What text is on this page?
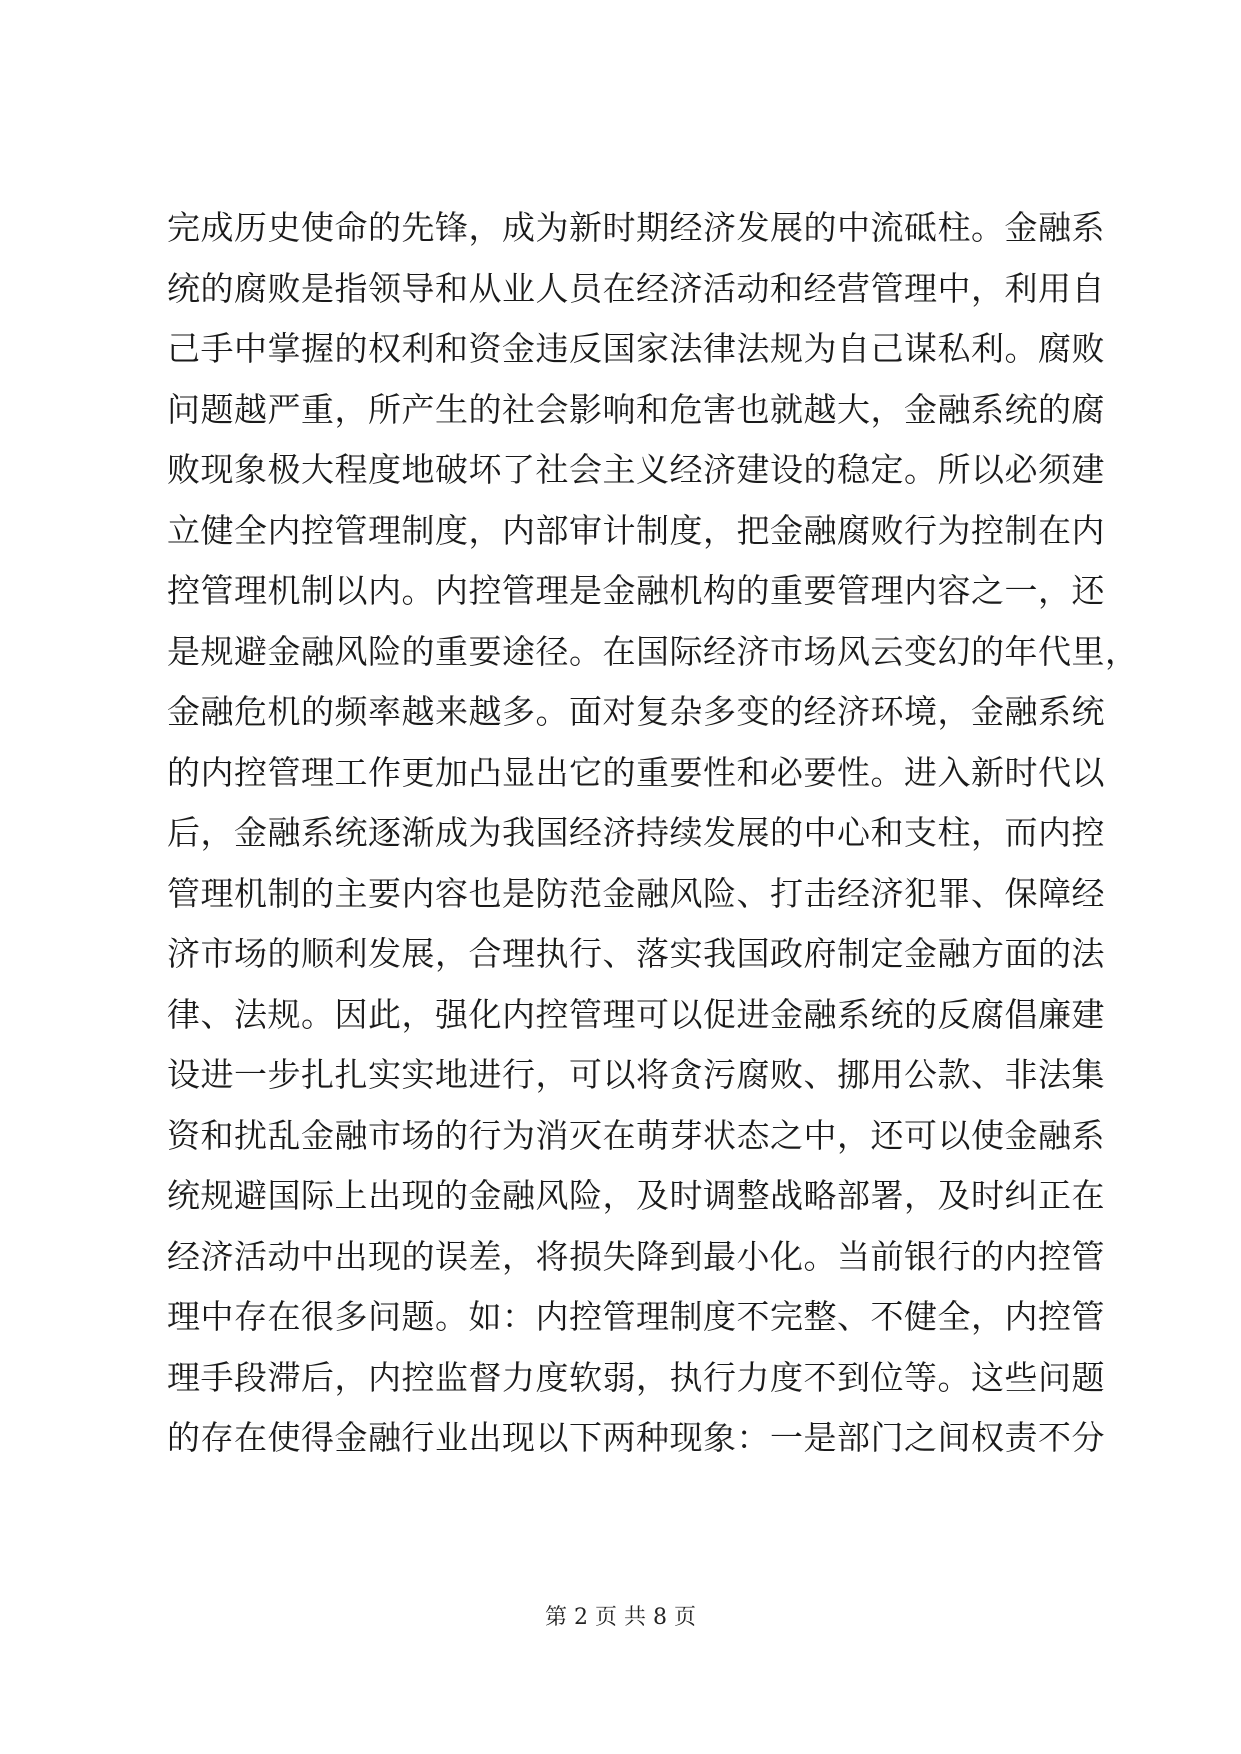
完成历史使命的先锋，成为新时期经济发展的中流砥柱。金融系
统的腐败是指领导和从业人员在经济活动和经营管理中，利用自
己手中掌握的权利和资金违反国家法律法规为自己谋私利。腐败
问题越严重，所产生的社会影响和危害也就越大，金融系统的腐
败现象极大程度地破坏了社会主义经济建设的稳定。所以必须建
立健全内控管理制度，内部审计制度，把金融腐败行为控制在内
控管理机制以内。内控管理是金融机构的重要管理内容之一，还
是规避金融风险的重要途径。在国际经济市场风云变幻的年代里，
金融危机的频率越来越多。面对复杂多变的经济环境，金融系统
的内控管理工作更加凸显出它的重要性和必要性。进入新时代以
后，金融系统逐渐成为我国经济持续发展的中心和支柱，而内控
管理机制的主要内容也是防范金融风险、打击经济犯罪、保障经
济市场的顺利发展，合理执行、落实我国政府制定金融方面的法
律、法规。因此，强化内控管理可以促进金融系统的反腐倡廉建
设进一步扎扎实实地进行，可以将贪污腐败、挪用公款、非法集
资和扰乱金融市场的行为消灭在萌芽状态之中，还可以使金融系
统规避国际上出现的金融风险，及时调整战略部署，及时纠正在
经济活动中出现的误差，将损失降到最小化。当前银行的内控管
理中存在很多问题。如：内控管理制度不完整、不健全，内控管
理手段滞后，内控监督力度软弱，执行力度不到位等。这些问题
的存在使得金融行业出现以下两种现象：一是部门之间权责不分
第 2 页 共 8 页
